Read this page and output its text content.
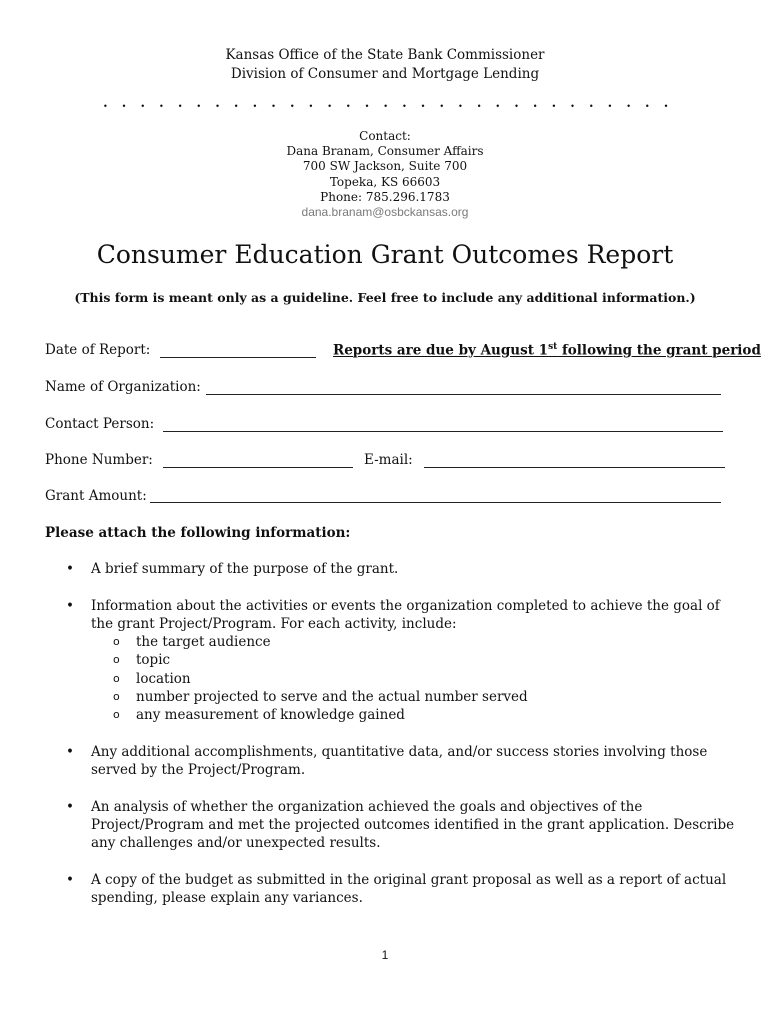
Kansas Office of the State Bank Commissioner
Division of Consumer and Mortgage Lending
. . . . . . . . . . . . . . . . . . . . . . . . . . . . . . .
Contact:
Dana Branam, Consumer Affairs
700 SW Jackson, Suite 700
Topeka, KS 66603
Phone: 785.296.1783
dana.branam@osbckansas.org
Consumer Education Grant Outcomes Report
(This form is meant only as a guideline. Feel free to include any additional information.)
Date of Report:	Reports are due by August 1st following the grant period
Name of Organization:
Contact Person:
Phone Number:	E-mail:
Grant Amount:
Please attach the following information:
• A brief summary of the purpose of the grant.
• Information about the activities or events the organization completed to achieve the goal of the grant Project/Program. For each activity, include:
o the target audience
o topic
o location
o number projected to serve and the actual number served
o any measurement of knowledge gained
• Any additional accomplishments, quantitative data, and/or success stories involving those served by the Project/Program.
• An analysis of whether the organization achieved the goals and objectives of the Project/Program and met the projected outcomes identified in the grant application. Describe any challenges and/or unexpected results.
• A copy of the budget as submitted in the original grant proposal as well as a report of actual spending, please explain any variances.
1
